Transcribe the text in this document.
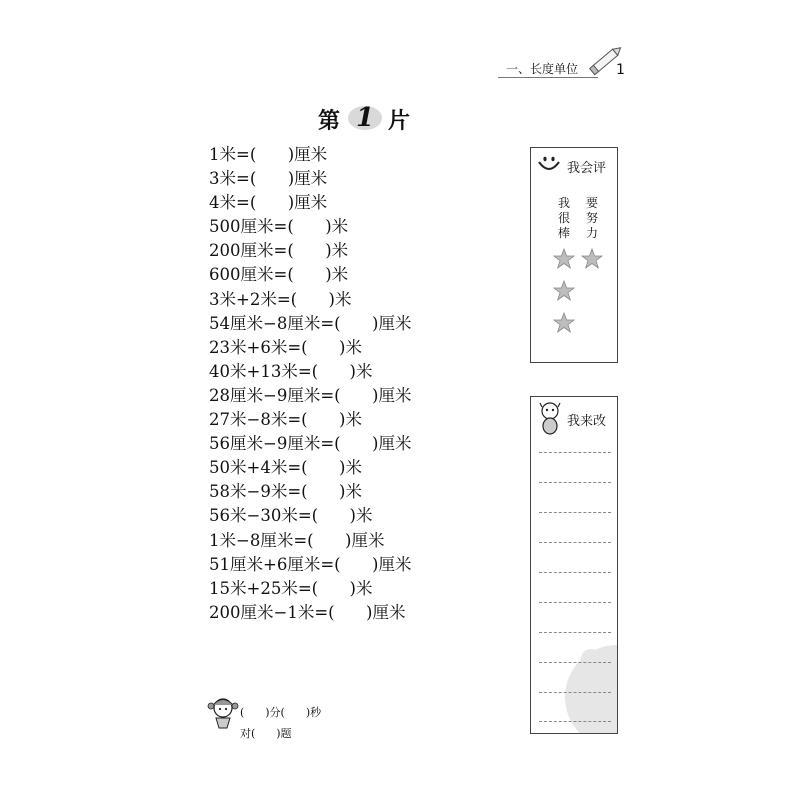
一、长度单位	1
第 1 片
1米=(      )厘米
3米=(      )厘米
4米=(      )厘米
500厘米=(      )米
200厘米=(      )米
600厘米=(      )米
3米+2米=(      )米
54厘米−8厘米=(      )厘米
23米+6米=(      )米
40米+13米=(      )米
28厘米−9厘米=(      )厘米
27米−8米=(      )米
56厘米−9厘米=(      )厘米
50米+4米=(      )米
58米−9米=(      )米
56米−30米=(      )米
1米−8厘米=(      )厘米
51厘米+6厘米=(      )厘米
15米+25米=(      )米
200厘米−1米=(      )厘米
我会评
我很棒
要努力
我来改
(      )分(      )秒
对(      )题
